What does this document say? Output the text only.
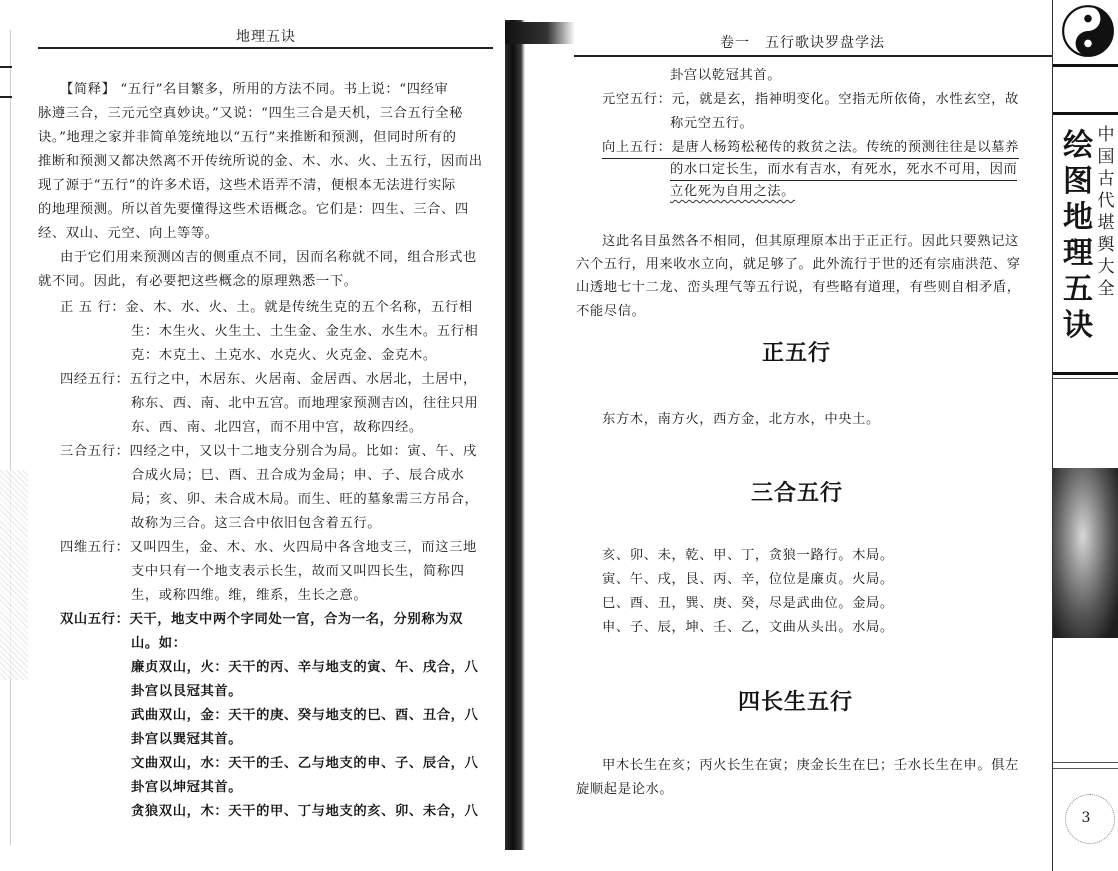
地理五诀
【简释】 “五行”名目繁多，所用的方法不同。书上说：“四经审
脉遵三合，三元元空真妙诀。”又说：“四生三合是天机，三合五行全秘
诀。”地理之家并非简单笼统地以“五行”来推断和预测，但同时所有的
推断和预测又都决然离不开传统所说的金、木、水、火、土五行，因而出
现了源于“五行”的许多术语，这些术语弄不清，便根本无法进行实际
的地理预测。所以首先要懂得这些术语概念。它们是：四生、三合、四
经、双山、元空、向上等等。
由于它们用来预测凶吉的侧重点不同，因而名称就不同，组合形式也
就不同。因此，有必要把这些概念的原理熟悉一下。
正 五 行：金、木、水、火、土。就是传统生克的五个名称，五行相
生：木生火、火生土、土生金、金生水、水生木。五行相
克：木克土、土克水、水克火、火克金、金克木。
四经五行：五行之中，木居东、火居南、金居西、水居北，土居中，
称东、西、南、北中五宫。而地理家预测吉凶，往往只用
东、西、南、北四宫，而不用中宫，故称四经。
三合五行：四经之中，又以十二地支分别合为局。比如：寅、午、戌
合成火局；巳、酉、丑合成为金局；申、子、辰合成水
局；亥、卯、未合成木局。而生、旺的墓象需三方吊合，
故称为三合。这三合中依旧包含着五行。
四维五行：又叫四生，金、木、水、火四局中各含地支三，而这三地
支中只有一个地支表示长生，故而又叫四长生，简称四
生，或称四维。维，维系，生长之意。
双山五行：天干，地支中两个字同处一宫，合为一名，分别称为双
山。如：
廉贞双山，火：天干的丙、辛与地支的寅、午、戌合，八
卦宫以艮冠其首。
武曲双山，金：天干的庚、癸与地支的巳、酉、丑合，八
卦宫以巽冠其首。
文曲双山，水：天干的壬、乙与地支的申、子、辰合，八
卦宫以坤冠其首。
贪狼双山，木：天干的甲、丁与地支的亥、卯、未合，八
卷一　五行歌诀罗盘学法
卦宫以乾冠其首。
元空五行：元，就是玄，指神明变化。空指无所依倚，水性玄空，故
称元空五行。
向上五行：是唐人杨筠松秘传的救贫之法。传统的预测往往是以墓养
的水口定长生，而水有吉水，有死水，死水不可用，因而
立化死为自用之法。
这此名目虽然各不相同，但其原理原本出于正正行。因此只要熟记这
六个五行，用来收水立向，就足够了。此外流行于世的还有宗庙洪范、穿
山透地七十二龙、峦头理气等五行说，有些略有道理，有些则自相矛盾，
不能尽信。
正五行
东方木，南方火，西方金，北方水，中央土。
三合五行
亥、卯、未，乾、甲、丁，贪狼一路行。木局。
寅、午、戌，艮、丙、辛，位位是廉贞。火局。
巳、酉、丑，巽、庚、癸，尽是武曲位。金局。
申、子、辰，坤、壬、乙，文曲从头出。水局。
四长生五行
甲木长生在亥；丙火长生在寅；庚金长生在巳；壬水长生在申。俱左
旋顺起是论水。
绘
图
地
理
五
诀
中
国
古
代
堪
舆
大
全
3
